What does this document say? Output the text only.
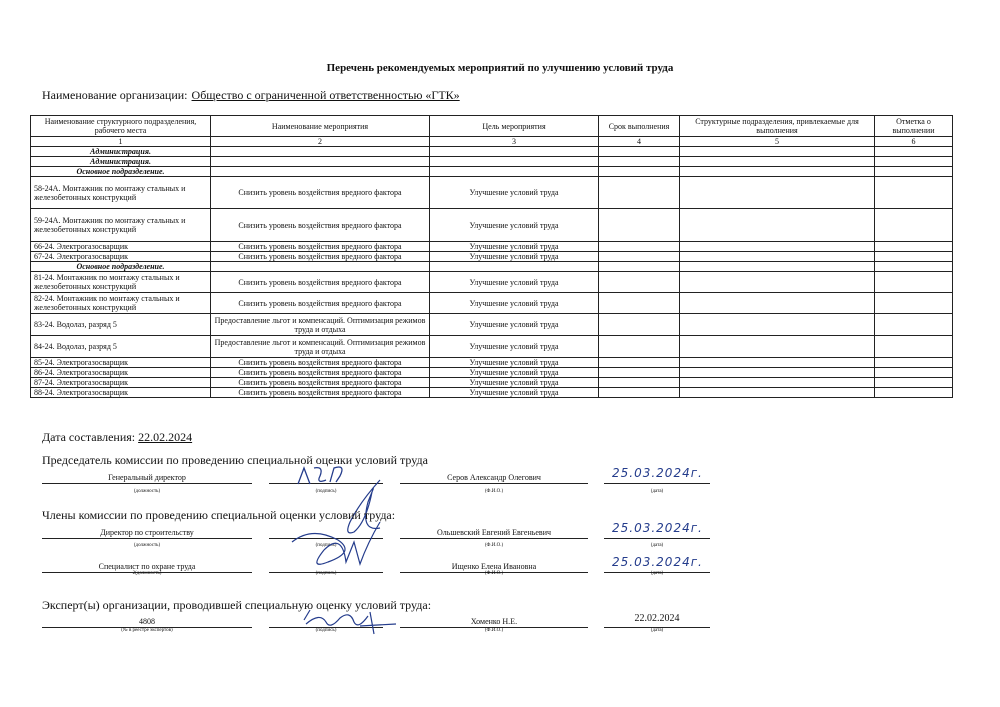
Перечень рекомендуемых мероприятий по улучшению условий труда
Наименование организации: Общество с ограниченной ответственностью «ГТК»
Наименование структурного подразделения, рабочего места	Наименование мероприятия	Цель мероприятия	Срок выполнения	Структурные подразделения, привлекаемые для выполнения	Отметка о выполнении
1	2	3	4	5	6
Администрация.					
Администрация.					
Основное подразделение.					
58-24А. Монтажник по монтажу стальных и железобетонных конструкций	Снизить уровень воздействия вредного фактора	Улучшение условий труда			
59-24А. Монтажник по монтажу стальных и железобетонных конструкций	Снизить уровень воздействия вредного фактора	Улучшение условий труда			
66-24. Электрогазосварщик	Снизить уровень воздействия вредного фактора	Улучшение условий труда			
67-24. Электрогазосварщик	Снизить уровень воздействия вредного фактора	Улучшение условий труда			
Основное подразделение.					
81-24. Монтажник по монтажу стальных и железобетонных конструкций	Снизить уровень воздействия вредного фактора	Улучшение условий труда			
82-24. Монтажник по монтажу стальных и железобетонных конструкций	Снизить уровень воздействия вредного фактора	Улучшение условий труда			
83-24. Водолаз, разряд 5	Предоставление льгот и компенсаций. Оптимизация режимов труда и отдыха	Улучшение условий труда			
84-24. Водолаз, разряд 5	Предоставление льгот и компенсаций. Оптимизация режимов труда и отдыха	Улучшение условий труда			
85-24. Электрогазосварщик	Снизить уровень воздействия вредного фактора	Улучшение условий труда			
86-24. Электрогазосварщик	Снизить уровень воздействия вредного фактора	Улучшение условий труда			
87-24. Электрогазосварщик	Снизить уровень воздействия вредного фактора	Улучшение условий труда			
88-24. Электрогазосварщик	Снизить уровень воздействия вредного фактора	Улучшение условий труда			
Дата составления: 22.02.2024
Председатель комиссии по проведению специальной оценки условий труда
Генеральный директор
(должность)	(подпись)
Серов Александр Олегович
(Ф.И.О.)
25.03.2024г.
(дата)
Члены комиссии по проведению специальной оценки условий труда:
Директор по строительству
(должность)	(подпись)
Ольшевский Евгений Евгеньевич
(Ф.И.О.)
25.03.2024г.
(дата)
Специалист по охране труда
2(должность)	(подпись)
Ищенко Елена Ивановна
(Ф.И.О.)
25.03.2024г.
(дата)
Эксперт(ы) организации, проводившей специальную оценку условий труда:
4808
(№ в реестре экспертов)	(подпись)
Хоменко Н.Е.
(Ф.И.О.)
22.02.2024
(дата)
